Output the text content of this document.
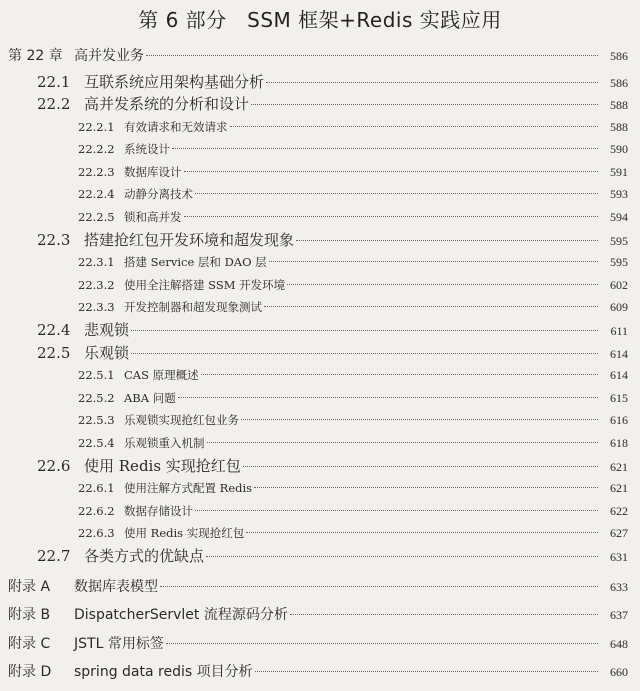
第 6 部分　SSM 框架+Redis 实践应用
第 22 章 高并发业务	586
22.1 互联系统应用架构基础分析	586
22.2 高并发系统的分析和设计	588
22.2.1 有效请求和无效请求	588
22.2.2 系统设计	590
22.2.3 数据库设计	591
22.2.4 动静分离技术	593
22.2.5 锁和高并发	594
22.3 搭建抢红包开发环境和超发现象	595
22.3.1 搭建 Service 层和 DAO 层	595
22.3.2 使用全注解搭建 SSM 开发环境	602
22.3.3 开发控制器和超发现象测试	609
22.4 悲观锁	611
22.5 乐观锁	614
22.5.1 CAS 原理概述	614
22.5.2 ABA 问题	615
22.5.3 乐观锁实现抢红包业务	616
22.5.4 乐观锁重入机制	618
22.6 使用 Redis 实现抢红包	621
22.6.1 使用注解方式配置 Redis	621
22.6.2 数据存储设计	622
22.6.3 使用 Redis 实现抢红包	627
22.7 各类方式的优缺点	631
附录 A	数据库表模型	633
附录 B	DispatcherServlet 流程源码分析	637
附录 C	JSTL 常用标签	648
附录 D	spring data redis 项目分析	660
